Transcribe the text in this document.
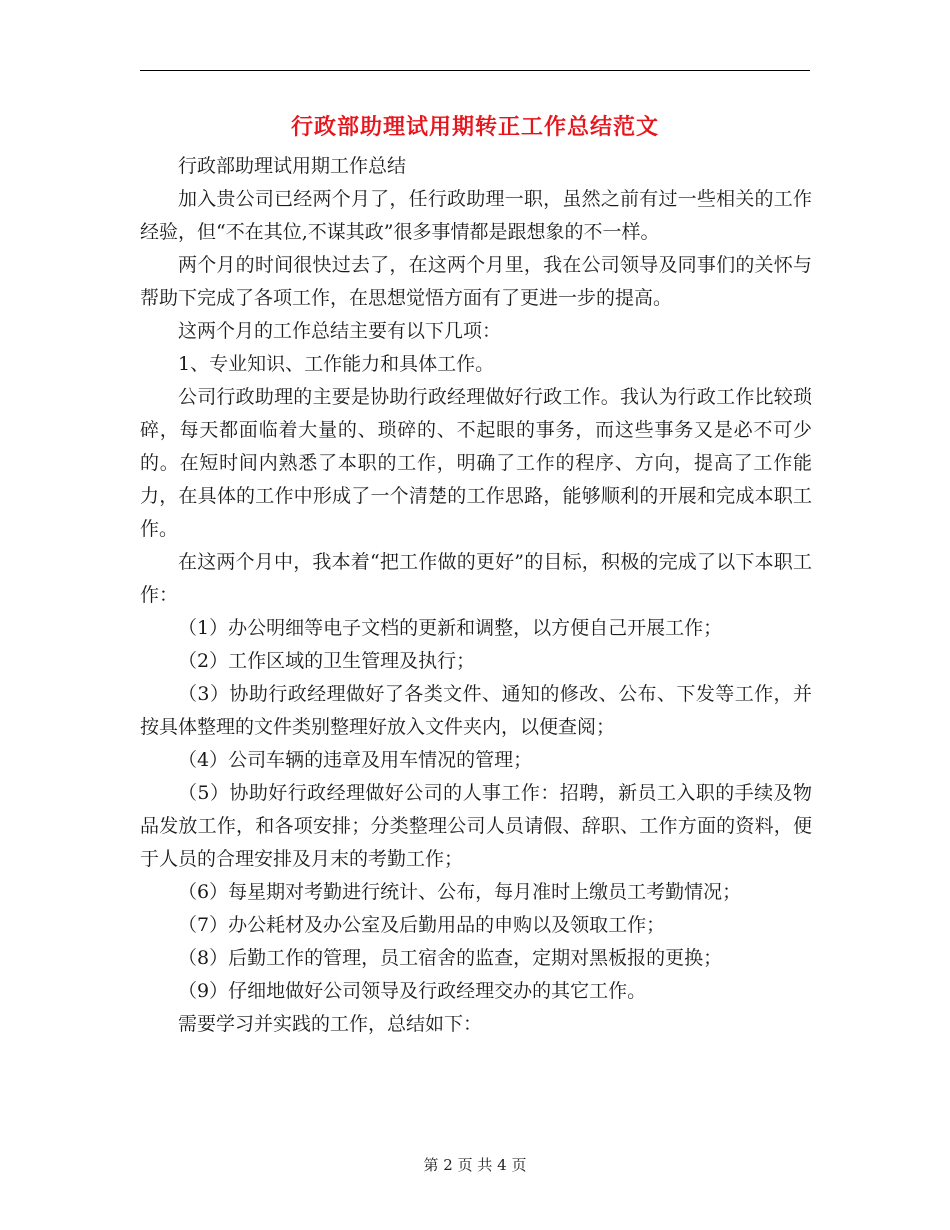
行政部助理试用期转正工作总结范文

行政部助理试用期工作总结

加入贵公司已经两个月了，任行政助理一职，虽然之前有过一些相关的工作经验，但“不在其位,不谋其政”很多事情都是跟想象的不一样。

两个月的时间很快过去了，在这两个月里，我在公司领导及同事们的关怀与帮助下完成了各项工作，在思想觉悟方面有了更进一步的提高。

这两个月的工作总结主要有以下几项：

1、专业知识、工作能力和具体工作。

公司行政助理的主要是协助行政经理做好行政工作。我认为行政工作比较琐碎，每天都面临着大量的、琐碎的、不起眼的事务，而这些事务又是必不可少的。在短时间内熟悉了本职的工作，明确了工作的程序、方向，提高了工作能力，在具体的工作中形成了一个清楚的工作思路，能够顺利的开展和完成本职工作。

在这两个月中，我本着“把工作做的更好”的目标，积极的完成了以下本职工作：

（1）办公明细等电子文档的更新和调整，以方便自己开展工作；

（2）工作区域的卫生管理及执行；

（3）协助行政经理做好了各类文件、通知的修改、公布、下发等工作，并按具体整理的文件类别整理好放入文件夹内，以便查阅；

（4）公司车辆的违章及用车情况的管理；

（5）协助好行政经理做好公司的人事工作：招聘，新员工入职的手续及物品发放工作，和各项安排；分类整理公司人员请假、辞职、工作方面的资料，便于人员的合理安排及月末的考勤工作；

（6）每星期对考勤进行统计、公布，每月准时上缴员工考勤情况；

（7）办公耗材及办公室及后勤用品的申购以及领取工作；

（8）后勤工作的管理，员工宿舍的监查，定期对黑板报的更换；

（9）仔细地做好公司领导及行政经理交办的其它工作。

需要学习并实践的工作，总结如下：

第 2 页 共 4 页
